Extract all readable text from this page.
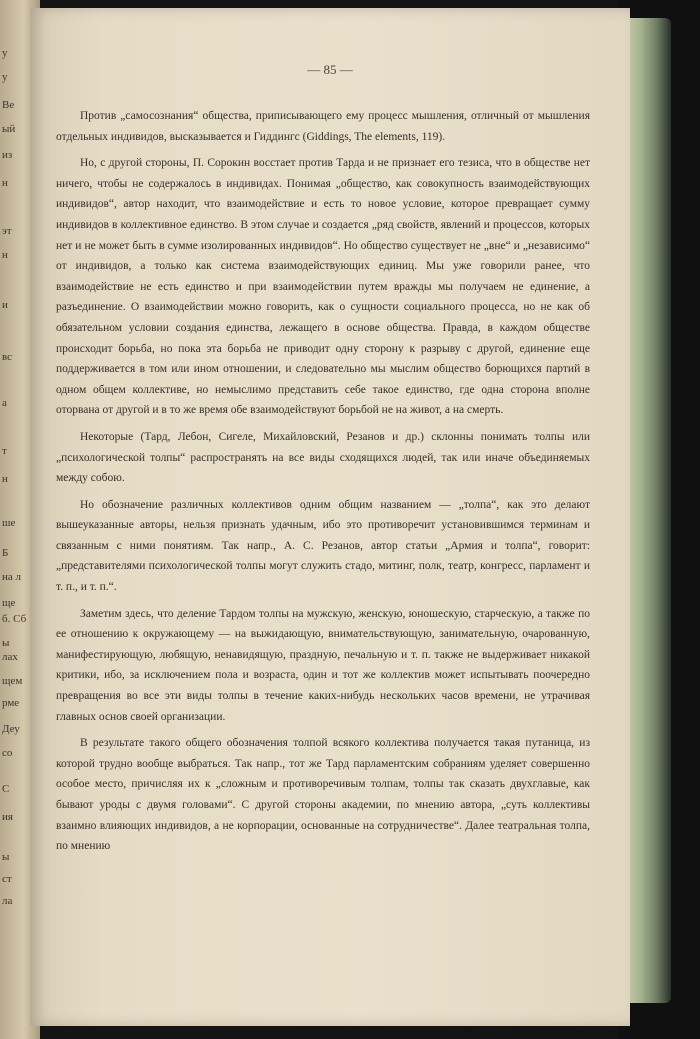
у
у
Ве
ый
из
н
эт
н
и
вс
а
т
н
ше
Б
на л
ще
б. Сб
ы
лах
щем
рме
Деу
со
С
ия
ы
ст
ла
— 85 —

Против „самосознания“ общества, приписывающего ему процесс мышления, отличный от мышления отдельных индивидов, высказывается и Гиддингс (Giddings, The elements, 119).

Но, с другой стороны, П. Сорокин восстает против Тарда и не признает его тезиса, что в обществе нет ничего, чтобы не содержалось в индивидах. Понимая „общество, как совокупность взаимодействующих индивидов“, автор находит, что взаимодействие и есть то новое условие, которое превращает сумму индивидов в коллективное единство. В этом случае и создается „ряд свойств, явлений и процессов, которых нет и не может быть в сумме изолированных индивидов“. Но общество существует не „вне“ и „независимо“ от индивидов, а только как система взаимодействующих единиц. Мы уже говорили ранее, что взаимодействие не есть единство и при взаимодействии путем вражды мы получаем не единение, а разъединение. О взаимодействии можно говорить, как о сущности социального процесса, но не как об обязательном условии создания единства, лежащего в основе общества. Правда, в каждом обществе происходит борьба, но пока эта борьба не приводит одну сторону к разрыву с другой, единение еще поддерживается в том или ином отношении, и следовательно мы мыслим общество борющихся партий в одном общем коллективе, но немыслимо представить себе такое единство, где одна сторона вполне оторвана от другой и в то же время обе взаимодействуют борьбой не на живот, а на смерть.

Некоторые (Тард, Лебон, Сигеле, Михайловский, Резанов и др.) склонны понимать толпы или „психологической толпы“ распространять на все виды сходящихся людей, так или иначе объединяемых между собою.

Но обозначение различных коллективов одним общим названием — „толпа“, как это делают вышеуказанные авторы, нельзя признать удачным, ибо это противоречит установившимся терминам и связанным с ними понятиям. Так напр., А. С. Резанов, автор статьи „Армия и толпа“, говорит: „представителями психологической толпы могут служить стадо, митинг, полк, театр, конгресс, парламент и т. п., и т. п.“.

Заметим здесь, что деление Тардом толпы на мужскую, женскую, юношескую, старческую, а также по ее отношению к окружающему — на выжидающую, внимательствующую, занимательную, очарованную, манифестирующую, любящую, ненавидящую, праздную, печальную и т. п. также не выдерживает никакой критики, ибо, за исключением пола и возраста, один и тот же коллектив может испытывать поочередно превращения во все эти виды толпы в течение каких-нибудь нескольких часов времени, не утрачивая главных основ своей организации.

В результате такого общего обозначения толпой всякого коллектива получается такая путаница, из которой трудно вообще выбраться. Так напр., тот же Тард парламентским собраниям уделяет совершенно особое место, причисляя их к „сложным и противоречивым толпам, толпы так сказать двухглавые, как бывают уроды с двумя головами“. С другой стороны академии, по мнению автора, „суть коллективы взаимно влияющих индивидов, а не корпорации, основанные на сотрудничестве“. Далее театральная толпа, по мнению
